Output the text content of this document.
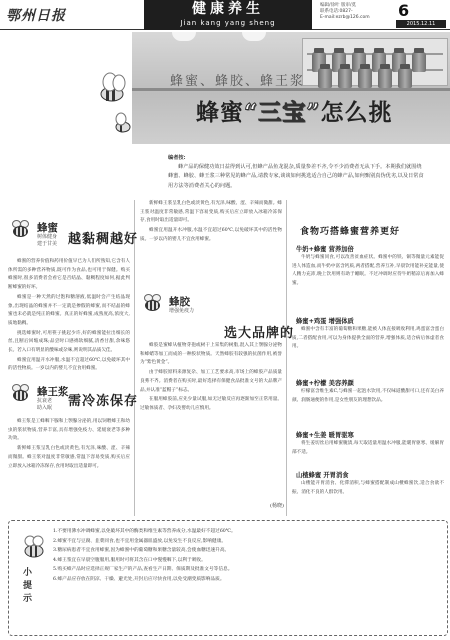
鄂州日报	健康养生
Jian kang yang sheng
编辑/徐叶 版审/莫
联系电话:0827-
E-mail:ezrb@126.com 6
2015.12.11
蜂蜜、蜂胶、蜂王浆
蜂蜜“三宝”怎么挑
编者按:
蜂产品的保健功效日益得到认可,但蜂产品鱼龙混杂,质量参差不齐,令不少消费者无从下手。本期我们就围绕蜂蜜、蜂胶、蜂王浆三种常见的蜂产品,请教专家,谈谈如何挑选适合自己的蜂产品,如何甄别真伪优劣,以及日常食用方法等消费者关心的问题。
蜂蜜
树体健身
建于甘美 越黏稠越好

蜂蜜的营养价值和药用价值早已为人们所熟知,它含有人体所需的多种营养物质,既可作为食品,也可用于保健。购买蜂蜜时,很多消费者会看它是否结晶、黏稠程度如何,据此判断蜂蜜的好坏。

蜂蜜是一种天然的过饱和糖溶液,低温时会产生结晶现象,出现结晶的蜂蜜并不一定就是掺假的蜂蜜,而不结晶的蜂蜜也未必就是纯正的蜂蜜。真正的好蜂蜜,成熟度高,浓度大,质地黏稠。

挑选蜂蜜时,可用筷子挑起少许,好的蜂蜜能拉出细长的丝,且断后回缩成珠;品尝时口感绵软细腻,清香甘甜,余味悠长。若入口有明显的酸味或杂味,则说明其品质欠佳。

蜂蜜宜用温开水冲服,水温不宜超过60℃,以免破坏其中的活性物质。一岁以内的婴儿不宜食用蜂蜜。

蜂王浆
抗衰老
助入眠 需冷冻保存

蜂王浆是工蜂咽下腺和上颚腺分泌的,用以饲喂蜂王和幼虫的浆状物质,营养丰富,具有增强免疫力、延缓衰老等多种功效。

新鲜蜂王浆呈乳白色或淡黄色,有光泽,味酸、涩、辛辣而微甜。蜂王浆对温度非常敏感,常温下容易变质,购买后应立即放入冰箱冷冻保存,食用时取出适量即可。

新鲜蜂王浆呈乳白色或淡黄色,有光泽,味酸、涩、辛辣而微甜。蜂王浆对温度非常敏感,常温下容易变质,购买后应立即放入冰箱冷冻保存,食用时取出适量即可。

蜂蜜宜用温开水冲服,水温不宜超过60℃,以免破坏其中的活性物质。一岁以内的婴儿不宜食用蜂蜜。

蜂胶
增强免疫力
选大品牌的

蜂胶是蜜蜂从植物芽孢或树干上采集的树脂,混入其上颚腺分泌物和蜂蜡等加工而成的一种胶状物质。天然蜂胶有较强的抗菌作用,被誉为“紫色黄金”。

由于蜂胶原料来源复杂、加工工艺要求高,市场上的蜂胶产品质量良莠不齐。消费者在购买时,最好选择有保健食品批准文号的大品牌产品,并认准“蓝帽子”标志。

在服用蜂胶前,应先少量试服,如无过敏反应再逐渐加至正常用量。过敏体质者、孕妇及婴幼儿应慎用。

(杨晓)
食物巧搭蜂蜜营养更好
牛奶+蜂蜜 营养加倍

牛奶与蜂蜜同食,可以改善贫血症状。蜂蜜中的铁、铜等微量元素能促进人体造血,而牛奶中富含钙质,两者搭配,营养互补,早晨饮用能补充能量,使人精力充沛,晚上饮用则有助于睡眠。不过冲调时应待牛奶稍凉后再加入蜂蜜。

蜂蜜+鸡蛋 增强体质

蜂蜜中含有丰富的葡萄糖和果糖,能被人体直接吸收利用,鸡蛋富含蛋白质,二者搭配食用,可以为身体提供全面的营养,增强体质,适合病后体虚者食用。

蜂蜜+柠檬 美容养颜

柠檬富含维生素C,与蜂蜜一起泡水饮用,不仅味道酸甜可口,还有美白养颜、润肠通便的作用,是女性朋友的理想饮品。

蜂蜜+生姜 暖胃驱寒

将生姜切丝后用蜂蜜腌渍,每天取适量用温水冲服,能暖胃驱寒、缓解胃部不适。

山楂蜂蜜 开胃消食

山楂能开胃消食、化滞消积,与蜂蜜搭配制成山楂蜂蜜饮,适合食欲不振、消化不良的人群饮用。

小提示
1.不要用沸水冲调蜂蜜,以免破坏其中的酶类和维生素等营养成分,水温最好不超过60℃。
2.蜂蜜不宜与豆腐、韭菜同食,也不宜用金属器皿盛放,以免发生不良反应,影响健康。
3.糖尿病患者不宜食用蜂蜜,因为蜂蜜中的葡萄糖和果糖含量较高,会使血糖迅速升高。
4.蜂王浆宜在早晨空腹服用,服用时可将其含在口中慢慢咽下,以利于吸收。
5.购买蜂产品时应选择正规厂家生产的产品,查看生产日期、保质期及批准文号等信息。
6.蜂产品应存放在阴凉、干燥、避光处,开封后应尽快食用,以免受潮变质影响品质。
